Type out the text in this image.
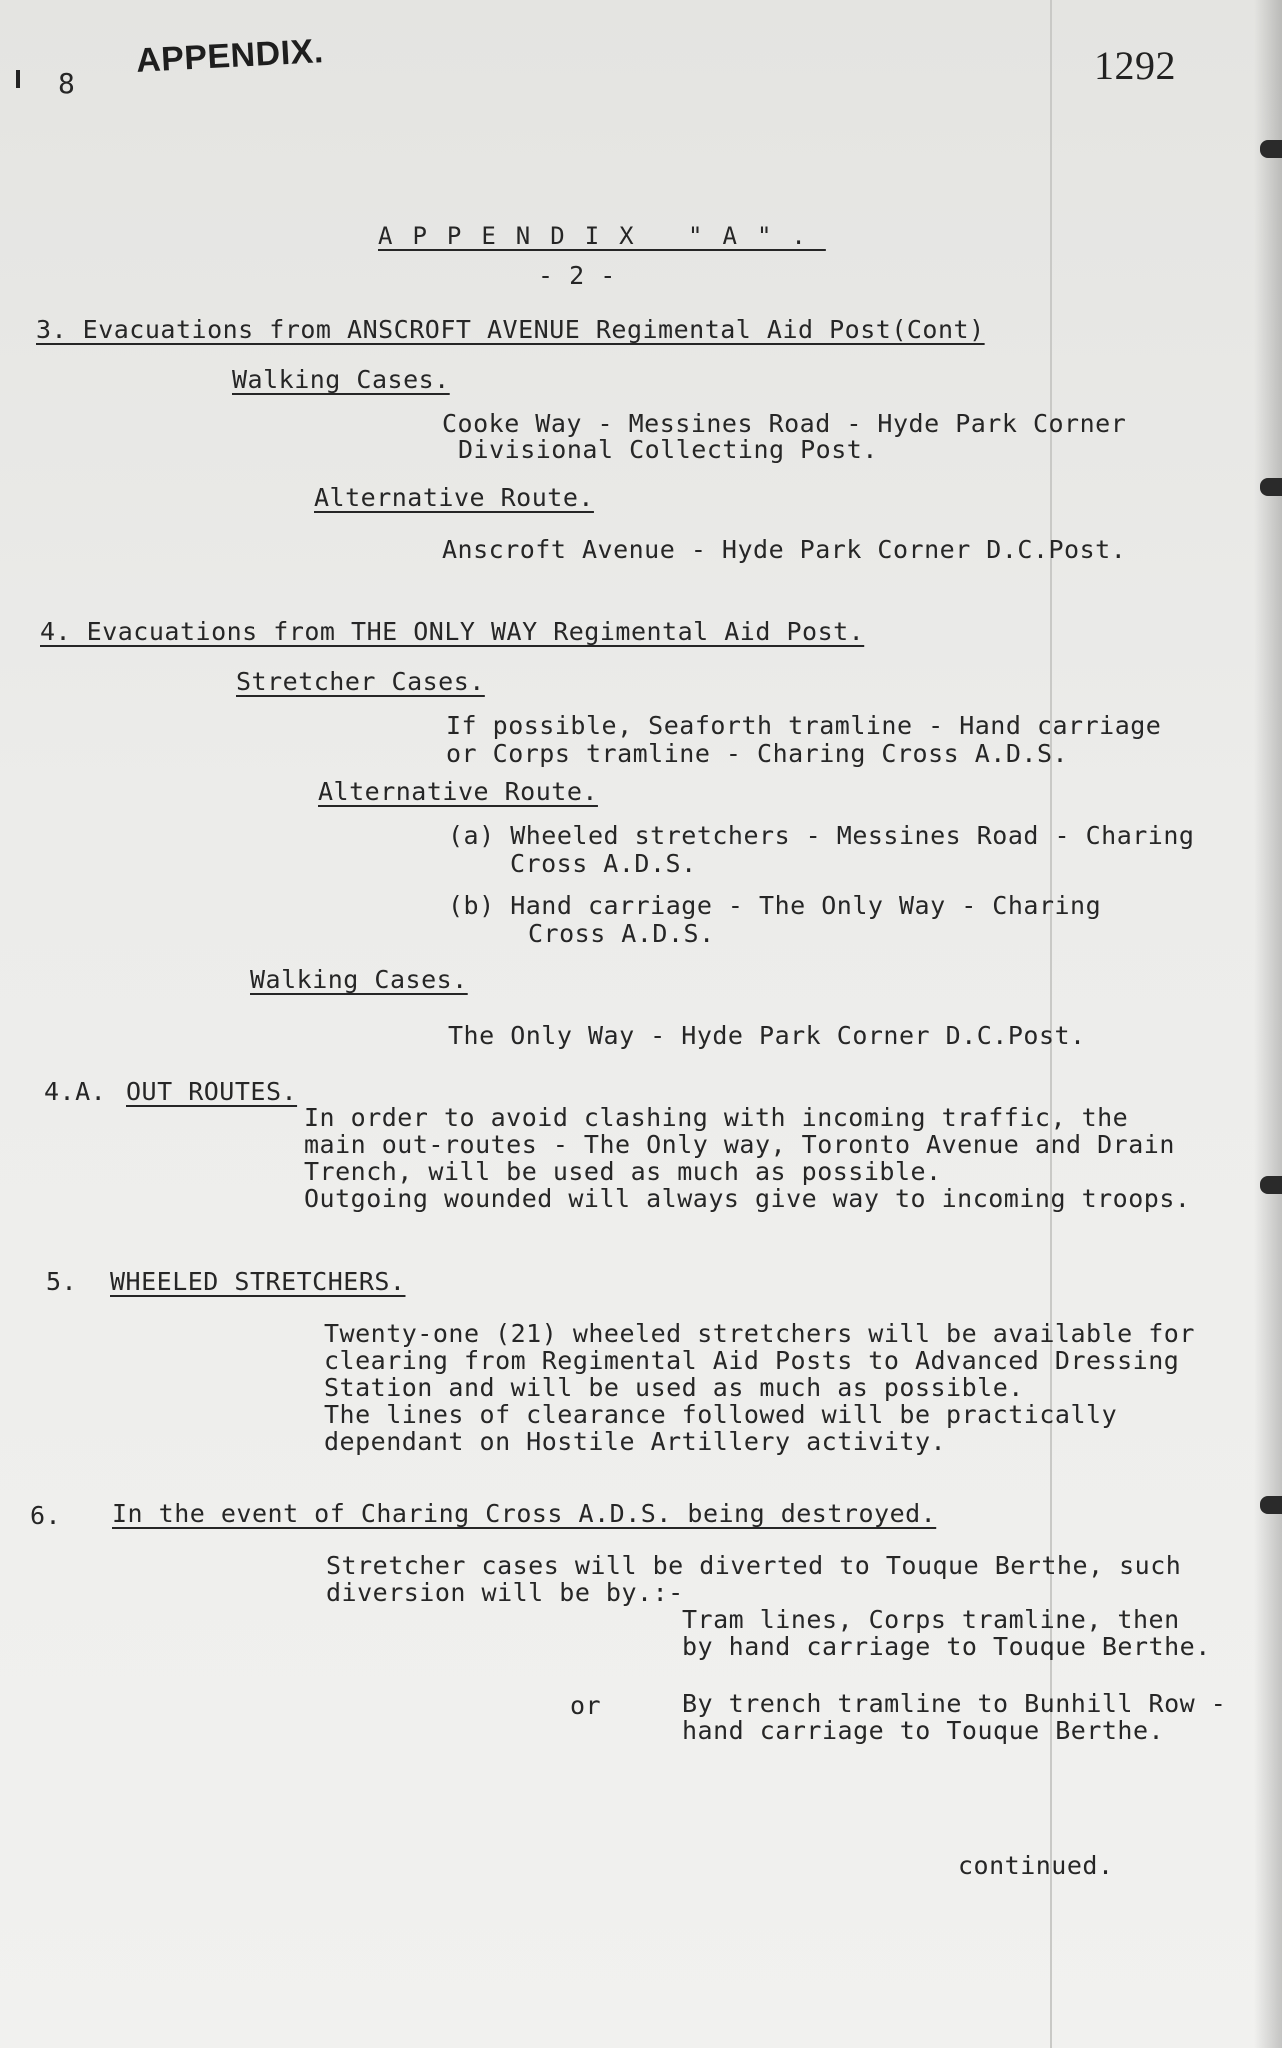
8
APPENDIX.	1292
APPENDIX "A".
- 2 -
3. Evacuations from ANSCROFT AVENUE Regimental Aid Post(Cont)
Walking Cases.
Cooke Way - Messines Road - Hyde Park Corner
Divisional Collecting Post.
Alternative Route.
Anscroft Avenue - Hyde Park Corner D.C.Post.
4. Evacuations from THE ONLY WAY Regimental Aid Post.
Stretcher Cases.
If possible, Seaforth tramline - Hand carriage
or Corps tramline - Charing Cross A.D.S.
Alternative Route.
(a) Wheeled stretchers - Messines Road - Charing
Cross A.D.S.
(b) Hand carriage - The Only Way - Charing
Cross A.D.S.
Walking Cases.
The Only Way - Hyde Park Corner D.C.Post.
4.A. OUT ROUTES.
In order to avoid clashing with incoming traffic, the
main out-routes - The Only way, Toronto Avenue and Drain
Trench, will be used as much as possible.
Outgoing wounded will always give way to incoming troops.
5. WHEELED STRETCHERS.
Twenty-one (21) wheeled stretchers will be available for
clearing from Regimental Aid Posts to Advanced Dressing
Station and will be used as much as possible.
The lines of clearance followed will be practically
dependant on Hostile Artillery activity.
6. In the event of Charing Cross A.D.S. being destroyed.
Stretcher cases will be diverted to Touque Berthe, such
diversion will be by.:-
Tram lines, Corps tramline, then
by hand carriage to Touque Berthe.
or	By trench tramline to Bunhill Row -
hand carriage to Touque Berthe.
continued.
